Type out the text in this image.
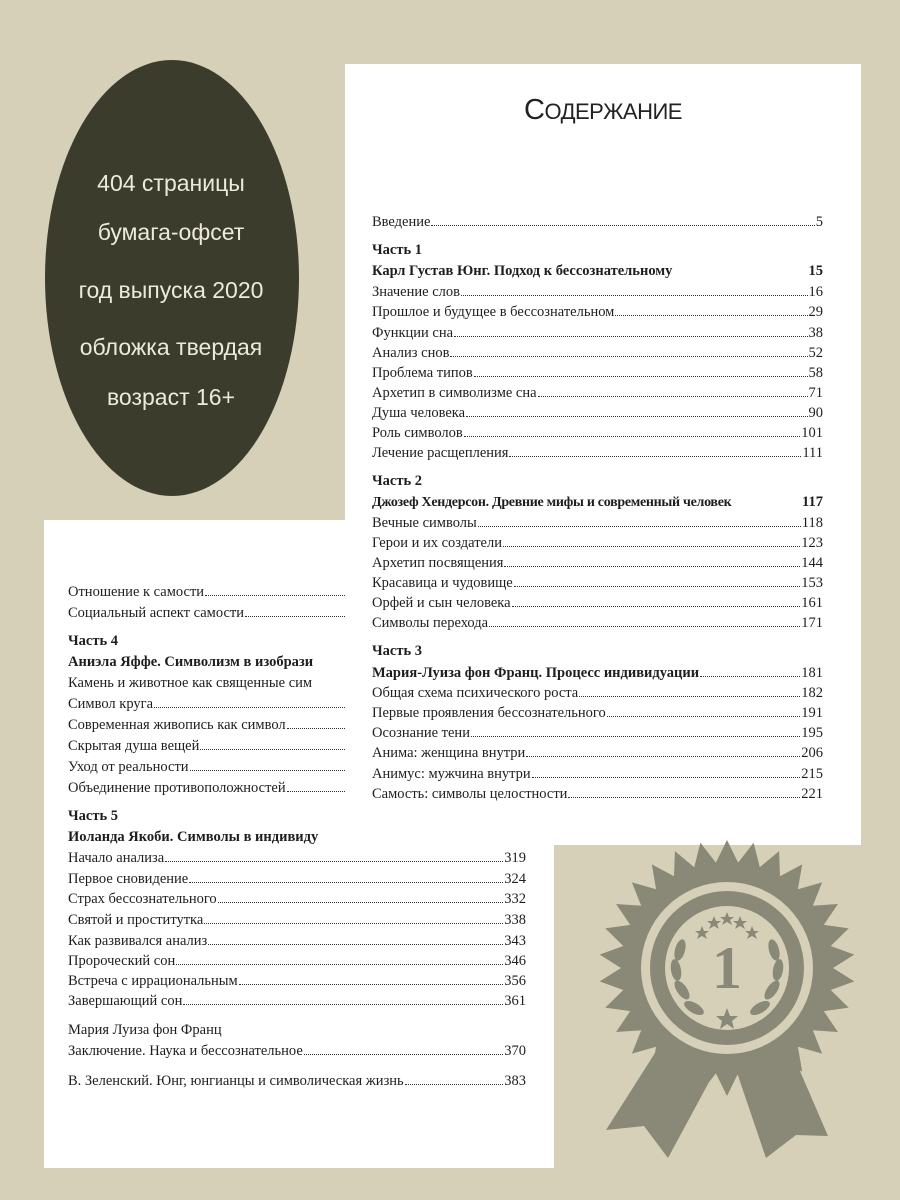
404 страницы
бумага-офсет
год выпуска 2020
обложка твердая
возраст 16+
Отношение к самости
Социальный аспект самости
Часть 4
Аниэла Яффе. Символизм в изобрази
Камень и животное как священные сим
Символ круга
Современная живопись как символ
Скрытая душа вещей
Уход от реальности
Объединение противоположностей
Часть 5
Иоланда Якоби. Символы в индивиду
Начало анализа	319
Первое сновидение	324
Страх бессознательного	332
Святой и проститутка	338
Как развивался анализ	343
Пророческий сон	346
Встреча с иррациональным	356
Завершающий сон	361
Мария Луиза фон Франц
Заключение. Наука и бессознательное	370
В. Зеленский. Юнг, юнгианцы и символическая жизнь	383
СОДЕРЖАНИЕ
Введение	5
Часть 1
Карл Густав Юнг. Подход к бессознательному	15
Значение слов	16
Прошлое и будущее в бессознательном	29
Функции сна	38
Анализ снов	52
Проблема типов	58
Архетип в символизме сна	71
Душа человека	90
Роль символов	101
Лечение расщепления	111
Часть 2
Джозеф Хендерсон. Древние мифы и современный человек	117
Вечные символы	118
Герои и их создатели	123
Архетип посвящения	144
Красавица и чудовище	153
Орфей и сын человека	161
Символы перехода	171
Часть 3
Мария-Луиза фон Франц. Процесс индивидуации	181
Общая схема психического роста	182
Первые проявления бессознательного	191
Осознание тени	195
Анима: женщина внутри	206
Анимус: мужчина внутри	215
Самость: символы целостности	221
1
